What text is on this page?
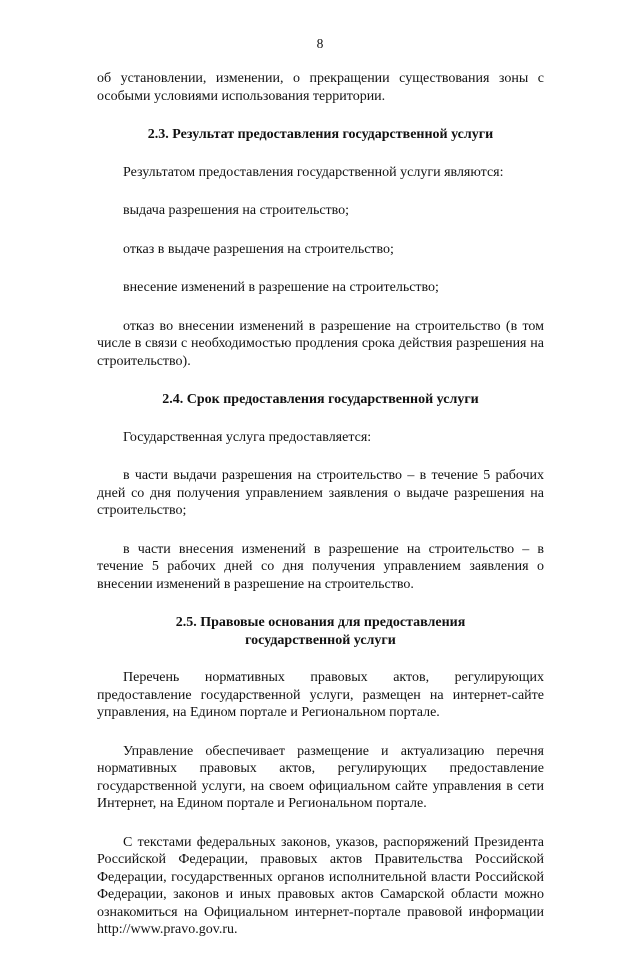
8

об установлении, изменении, о прекращении существования зоны с особыми условиями использования территории.

2.3. Результат предоставления государственной услуги

Результатом предоставления государственной услуги являются:

выдача разрешения на строительство;

отказ в выдаче разрешения на строительство;

внесение изменений в разрешение на строительство;

отказ во внесении изменений в разрешение на строительство (в том числе в связи с необходимостью продления срока действия разрешения на строительство).

2.4. Срок предоставления государственной услуги

Государственная услуга предоставляется:

в части выдачи разрешения на строительство – в течение 5 рабочих дней со дня получения управлением заявления о выдаче разрешения на строительство;

в части внесения изменений в разрешение на строительство – в течение 5 рабочих дней со дня получения управлением заявления о внесении изменений в разрешение на строительство.

2.5. Правовые основания для предоставления государственной услуги

Перечень нормативных правовых актов, регулирующих предоставление государственной услуги, размещен на интернет-сайте управления, на Едином портале и Региональном портале.

Управление обеспечивает размещение и актуализацию перечня нормативных правовых актов, регулирующих предоставление государственной услуги, на своем официальном сайте управления в сети Интернет, на Едином портале и Региональном портале.

С текстами федеральных законов, указов, распоряжений Президента Российской Федерации, правовых актов Правительства Российской Федерации, государственных органов исполнительной власти Российской Федерации, законов и иных правовых актов Самарской области можно ознакомиться на Официальном интернет-портале правовой информации http://www.pravo.gov.ru.
